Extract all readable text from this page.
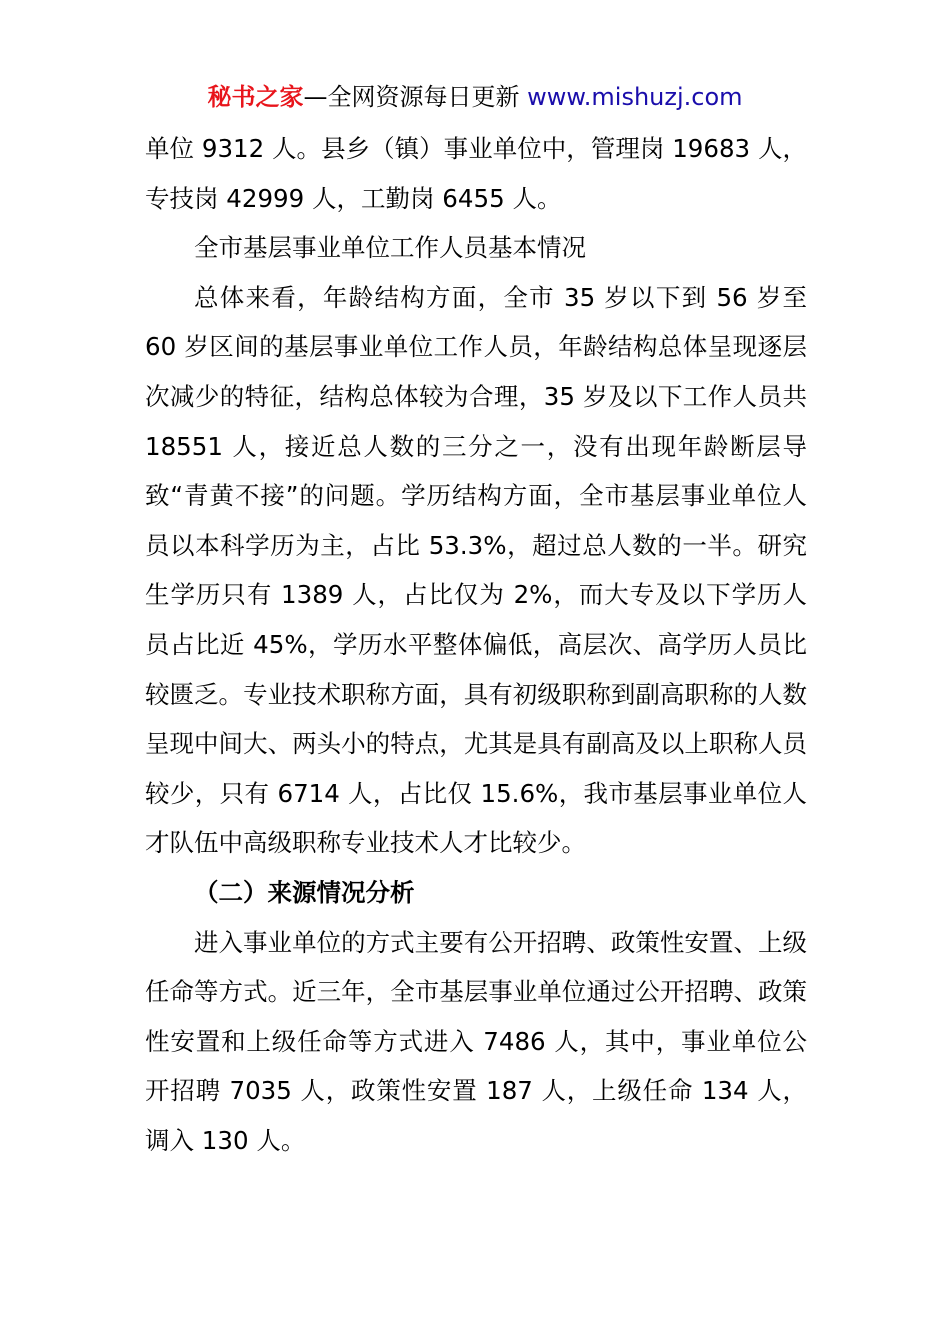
秘书之家—全网资源每日更新 www.mishuzj.com

单位 9312 人。县乡（镇）事业单位中，管理岗 19683 人，专技岗 42999 人，工勤岗 6455 人。

全市基层事业单位工作人员基本情况

总体来看，年龄结构方面，全市 35 岁以下到 56 岁至 60 岁区间的基层事业单位工作人员，年龄结构总体呈现逐层次减少的特征，结构总体较为合理，35 岁及以下工作人员共 18551 人，接近总人数的三分之一，没有出现年龄断层导致“青黄不接”的问题。学历结构方面，全市基层事业单位人员以本科学历为主，占比 53.3%，超过总人数的一半。研究生学历只有 1389 人，占比仅为 2%，而大专及以下学历人员占比近 45%，学历水平整体偏低，高层次、高学历人员比较匮乏。专业技术职称方面，具有初级职称到副高职称的人数呈现中间大、两头小的特点，尤其是具有副高及以上职称人员较少，只有 6714 人，占比仅 15.6%，我市基层事业单位人才队伍中高级职称专业技术人才比较少。

（二）来源情况分析

进入事业单位的方式主要有公开招聘、政策性安置、上级任命等方式。近三年，全市基层事业单位通过公开招聘、政策性安置和上级任命等方式进入 7486 人，其中，事业单位公开招聘 7035 人，政策性安置 187 人，上级任命 134 人，调入 130 人。
